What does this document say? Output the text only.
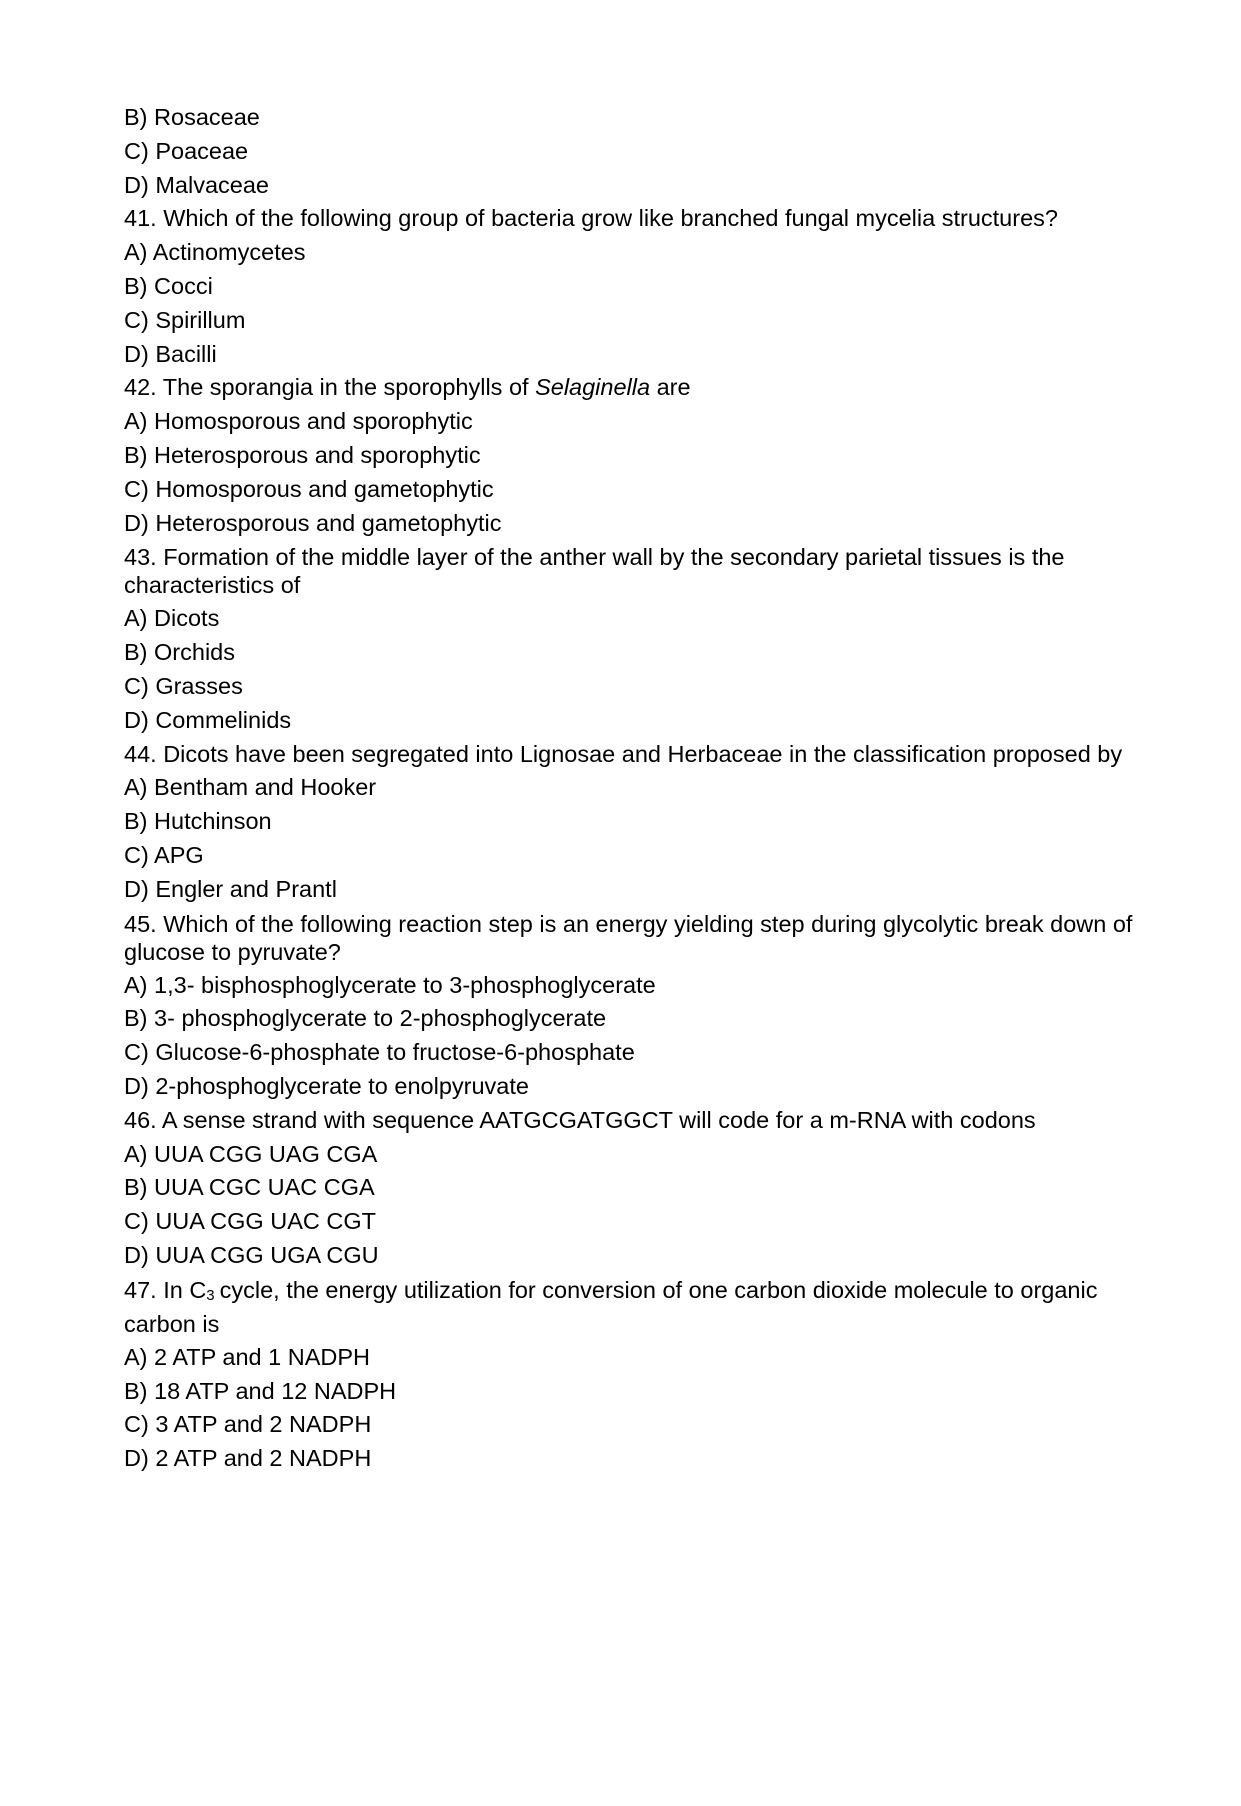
B) Rosaceae
C) Poaceae
D) Malvaceae
41. Which of the following group of bacteria grow like branched fungal mycelia structures?
A) Actinomycetes
B) Cocci
C) Spirillum
D) Bacilli
42. The sporangia in the sporophylls of Selaginella are
A) Homosporous and sporophytic
B) Heterosporous and sporophytic
C) Homosporous and gametophytic
D) Heterosporous and gametophytic
43. Formation of the middle layer of the anther wall by the secondary parietal tissues is the characteristics of
A) Dicots
B) Orchids
C) Grasses
D) Commelinids
44. Dicots have been segregated into Lignosae and Herbaceae in the classification proposed by
A) Bentham and Hooker
B) Hutchinson
C) APG
D) Engler and Prantl
45. Which of the following reaction step is an energy yielding step during glycolytic break down of glucose to pyruvate?
A) 1,3- bisphosphoglycerate to 3-phosphoglycerate
B) 3- phosphoglycerate to 2-phosphoglycerate
C) Glucose-6-phosphate to fructose-6-phosphate
D) 2-phosphoglycerate to enolpyruvate
46. A sense strand with sequence AATGCGATGGCT will code for a m-RNA with codons
A) UUA CGG UAG CGA
B) UUA CGC UAC CGA
C) UUA CGG UAC CGT
D) UUA CGG UGA CGU
47. In C3 cycle, the energy utilization for conversion of one carbon dioxide molecule to organic carbon is
A) 2 ATP and 1 NADPH
B) 18 ATP and 12 NADPH
C) 3 ATP and 2 NADPH
D) 2 ATP and 2 NADPH
